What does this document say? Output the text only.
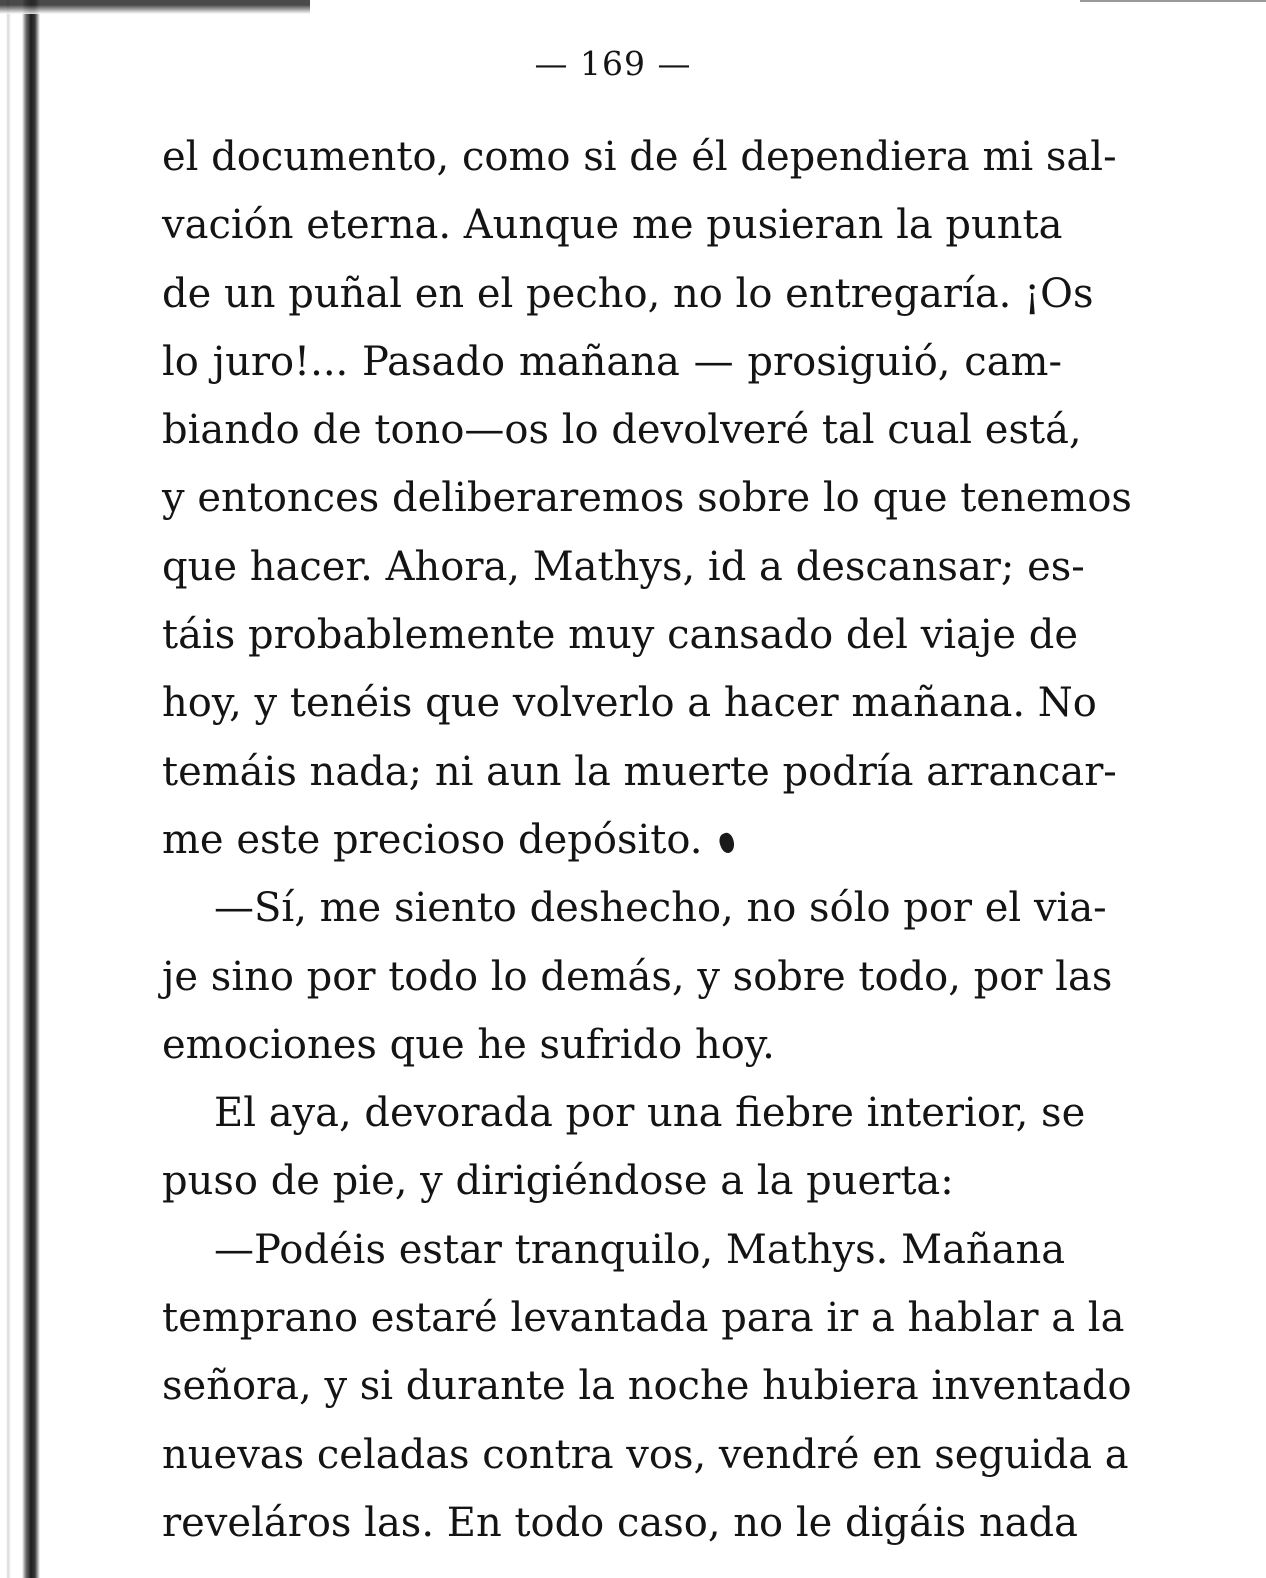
— 169 —
el documento, como si de él dependiera mi sal-
vación eterna. Aunque me pusieran la punta
de un puñal en el pecho, no lo entregaría. ¡Os
lo juro!... Pasado mañana — prosiguió, cam-
biando de tono—os lo devolveré tal cual está,
y entonces deliberaremos sobre lo que tenemos
que hacer. Ahora, Mathys, id a descansar; es-
táis probablemente muy cansado del viaje de
hoy, y tenéis que volverlo a hacer mañana. No
temáis nada; ni aun la muerte podría arrancar-
me este precioso depósito.
—Sí, me siento deshecho, no sólo por el via-
je sino por todo lo demás, y sobre todo, por las
emociones que he sufrido hoy.
El aya, devorada por una fiebre interior, se
puso de pie, y dirigiéndose a la puerta:
—Podéis estar tranquilo, Mathys. Mañana
temprano estaré levantada para ir a hablar a la
señora, y si durante la noche hubiera inventado
nuevas celadas contra vos, vendré en seguida a
reveláros las. En todo caso, no le digáis nada
